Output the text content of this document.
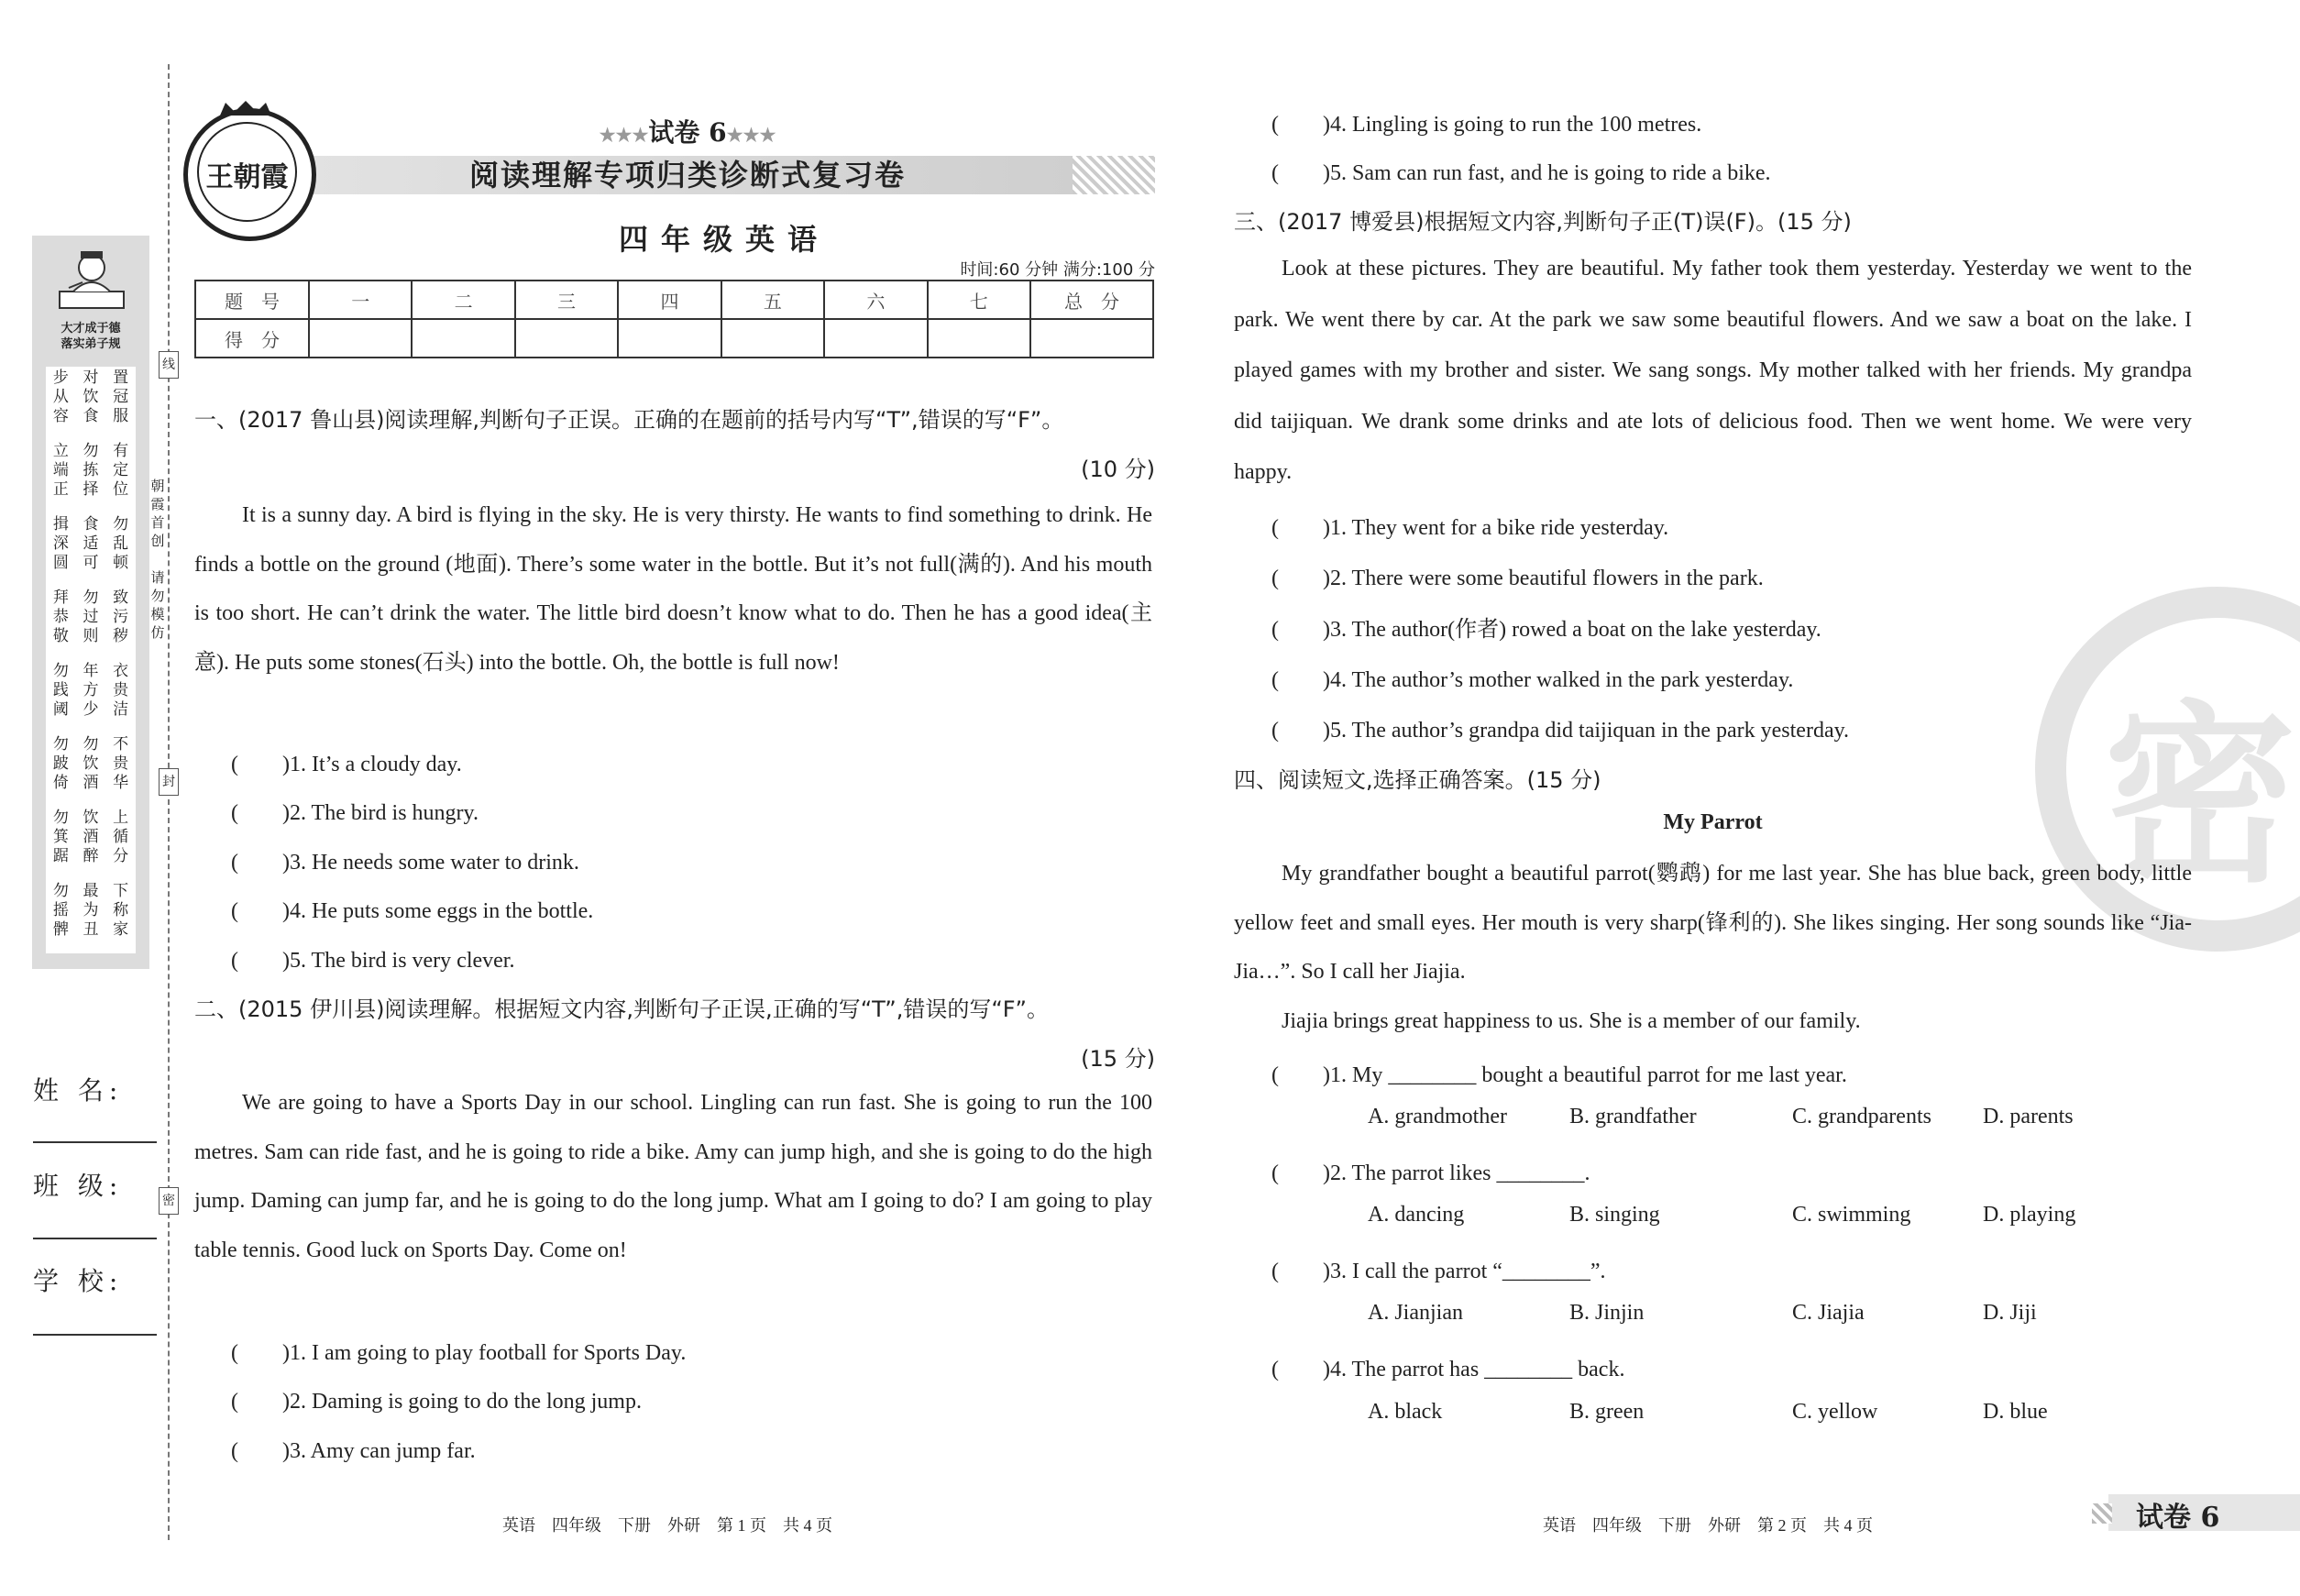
大才成于德
落实弟子规
步 对 置
从 饮 冠
容 食 服
立 勿 有
端 拣 定
正 择 位
揖 食 勿
深 适 乱
圆 可 顿
拜 勿 致
恭 过 污
敬 则 秽
勿 年 衣
践 方 贵
阈 少 洁
勿 勿 不
跛 饮 贵
倚 酒 华
勿 饮 上
箕 酒 循
踞 醉 分
勿 最 下
摇 为 称
髀 丑 家
线
封
密
朝霞首创
请勿模仿
姓 名:
班 级:
学 校:
王朝霞
★★★试卷 6★★★
阅读理解专项归类诊断式复习卷
四年级英语
时间:60 分钟 满分:100 分
题　号	一	二	三	四	五	六	七	总　分
得　分								
一、(2017 鲁山县)阅读理解,判断句子正误。正确的在题前的括号内写“T”,错误的写“F”。
(10 分)
It is a sunny day. A bird is flying in the sky. He is very thirsty. He wants to find something to drink. He finds a bottle on the ground (地面). There’s some water in the bottle. But it’s not full(满的). And his mouth is too short. He can’t drink the water. The little bird doesn’t know what to do. Then he has a good idea(主意). He puts some stones(石头) into the bottle. Oh, the bottle is full now!
(　　)1. It’s a cloudy day.
(　　)2. The bird is hungry.
(　　)3. He needs some water to drink.
(　　)4. He puts some eggs in the bottle.
(　　)5. The bird is very clever.
二、(2015 伊川县)阅读理解。根据短文内容,判断句子正误,正确的写“T”,错误的写“F”。
(15 分)
We are going to have a Sports Day in our school. Lingling can run fast. She is going to run the 100 metres. Sam can ride fast, and he is going to ride a bike. Amy can jump high, and she is going to do the high jump. Daming can jump far, and he is going to do the long jump. What am I going to do? I am going to play table tennis. Good luck on Sports Day. Come on!
(　　)1. I am going to play football for Sports Day.
(　　)2. Daming is going to do the long jump.
(　　)3. Amy can jump far.
(　　)4. Lingling is going to run the 100 metres.
(　　)5. Sam can run fast, and he is going to ride a bike.
密
三、(2017 博爱县)根据短文内容,判断句子正(T)误(F)。(15 分)
Look at these pictures. They are beautiful. My father took them yesterday. Yesterday we went to the park. We went there by car. At the park we saw some beautiful flowers. And we saw a boat on the lake. I played games with my brother and sister. We sang songs. My mother talked with her friends. My grandpa did taijiquan. We drank some drinks and ate lots of delicious food. Then we went home. We were very happy.
(　　)1. They went for a bike ride yesterday.
(　　)2. There were some beautiful flowers in the park.
(　　)3. The author(作者) rowed a boat on the lake yesterday.
(　　)4. The author’s mother walked in the park yesterday.
(　　)5. The author’s grandpa did taijiquan in the park yesterday.
四、阅读短文,选择正确答案。(15 分)
My Parrot
My grandfather bought a beautiful parrot(鹦鹉) for me last year. She has blue back, green body, little yellow feet and small eyes. Her mouth is very sharp(锋利的). She likes singing. Her song sounds like “Jia-Jia…”. So I call her Jiajia.
Jiajia brings great happiness to us. She is a member of our family.
(　　)1. My ________ bought a beautiful parrot for me last year.
A. grandmother	B. grandfather	C. grandparents D. parents
(　　)2. The parrot likes ________.
A. dancing	B. singing	C. swimming	D. playing
(　　)3. I call the parrot “________”.
A. Jianjian	B. Jinjin	C. Jiajia	D. Jiji
(　　)4. The parrot has ________ back.
A. black	B. green	C. yellow	D. blue
英语　四年级　下册　外研　第 1 页　共 4 页	英语　四年级　下册　外研　第 2 页　共 4 页	试卷 6
